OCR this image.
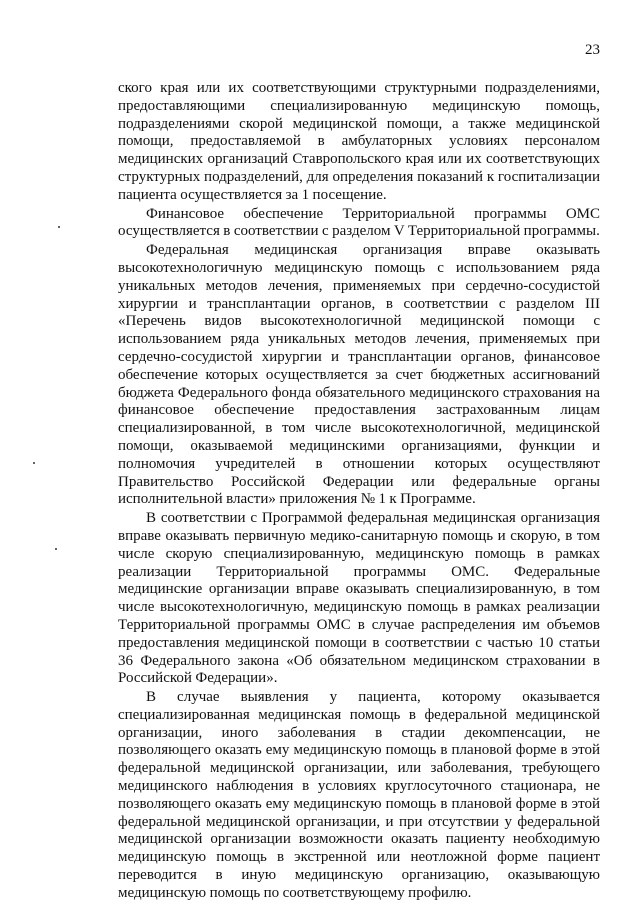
23

ского края или их соответствующими структурными подразделениями, предоставляющими специализированную медицинскую помощь, подразделениями скорой медицинской помощи, а также медицинской помощи, предоставляемой в амбулаторных условиях персоналом медицинских организаций Ставропольского края или их соответствующих структурных подразделений, для определения показаний к госпитализации пациента осуществляется за 1 посещение.

Финансовое обеспечение Территориальной программы ОМС осуществляется в соответствии с разделом V Территориальной программы.

Федеральная медицинская организация вправе оказывать высокотехнологичную медицинскую помощь с использованием ряда уникальных методов лечения, применяемых при сердечно-сосудистой хирургии и трансплантации органов, в соответствии с разделом III «Перечень видов высокотехнологичной медицинской помощи с использованием ряда уникальных методов лечения, применяемых при сердечно-сосудистой хирургии и трансплантации органов, финансовое обеспечение которых осуществляется за счет бюджетных ассигнований бюджета Федерального фонда обязательного медицинского страхования на финансовое обеспечение предоставления застрахованным лицам специализированной, в том числе высокотехнологичной, медицинской помощи, оказываемой медицинскими организациями, функции и полномочия учредителей в отношении которых осуществляют Правительство Российской Федерации или федеральные органы исполнительной власти» приложения № 1 к Программе.

В соответствии с Программой федеральная медицинская организация вправе оказывать первичную медико-санитарную помощь и скорую, в том числе скорую специализированную, медицинскую помощь в рамках реализации Территориальной программы ОМС. Федеральные медицинские организации вправе оказывать специализированную, в том числе высокотехнологичную, медицинскую помощь в рамках реализации Территориальной программы ОМС в случае распределения им объемов предоставления медицинской помощи в соответствии с частью 10 статьи 36 Федерального закона «Об обязательном медицинском страховании в Российской Федерации».

В случае выявления у пациента, которому оказывается специализированная медицинская помощь в федеральной медицинской организации, иного заболевания в стадии декомпенсации, не позволяющего оказать ему медицинскую помощь в плановой форме в этой федеральной медицинской организации, или заболевания, требующего медицинского наблюдения в условиях круглосуточного стационара, не позволяющего оказать ему медицинскую помощь в плановой форме в этой федеральной медицинской организации, и при отсутствии у федеральной медицинской организации возможности оказать пациенту необходимую медицинскую помощь в экстренной или неотложной форме пациент переводится в иную медицинскую организацию, оказывающую медицинскую помощь по соответствующему профилю.
